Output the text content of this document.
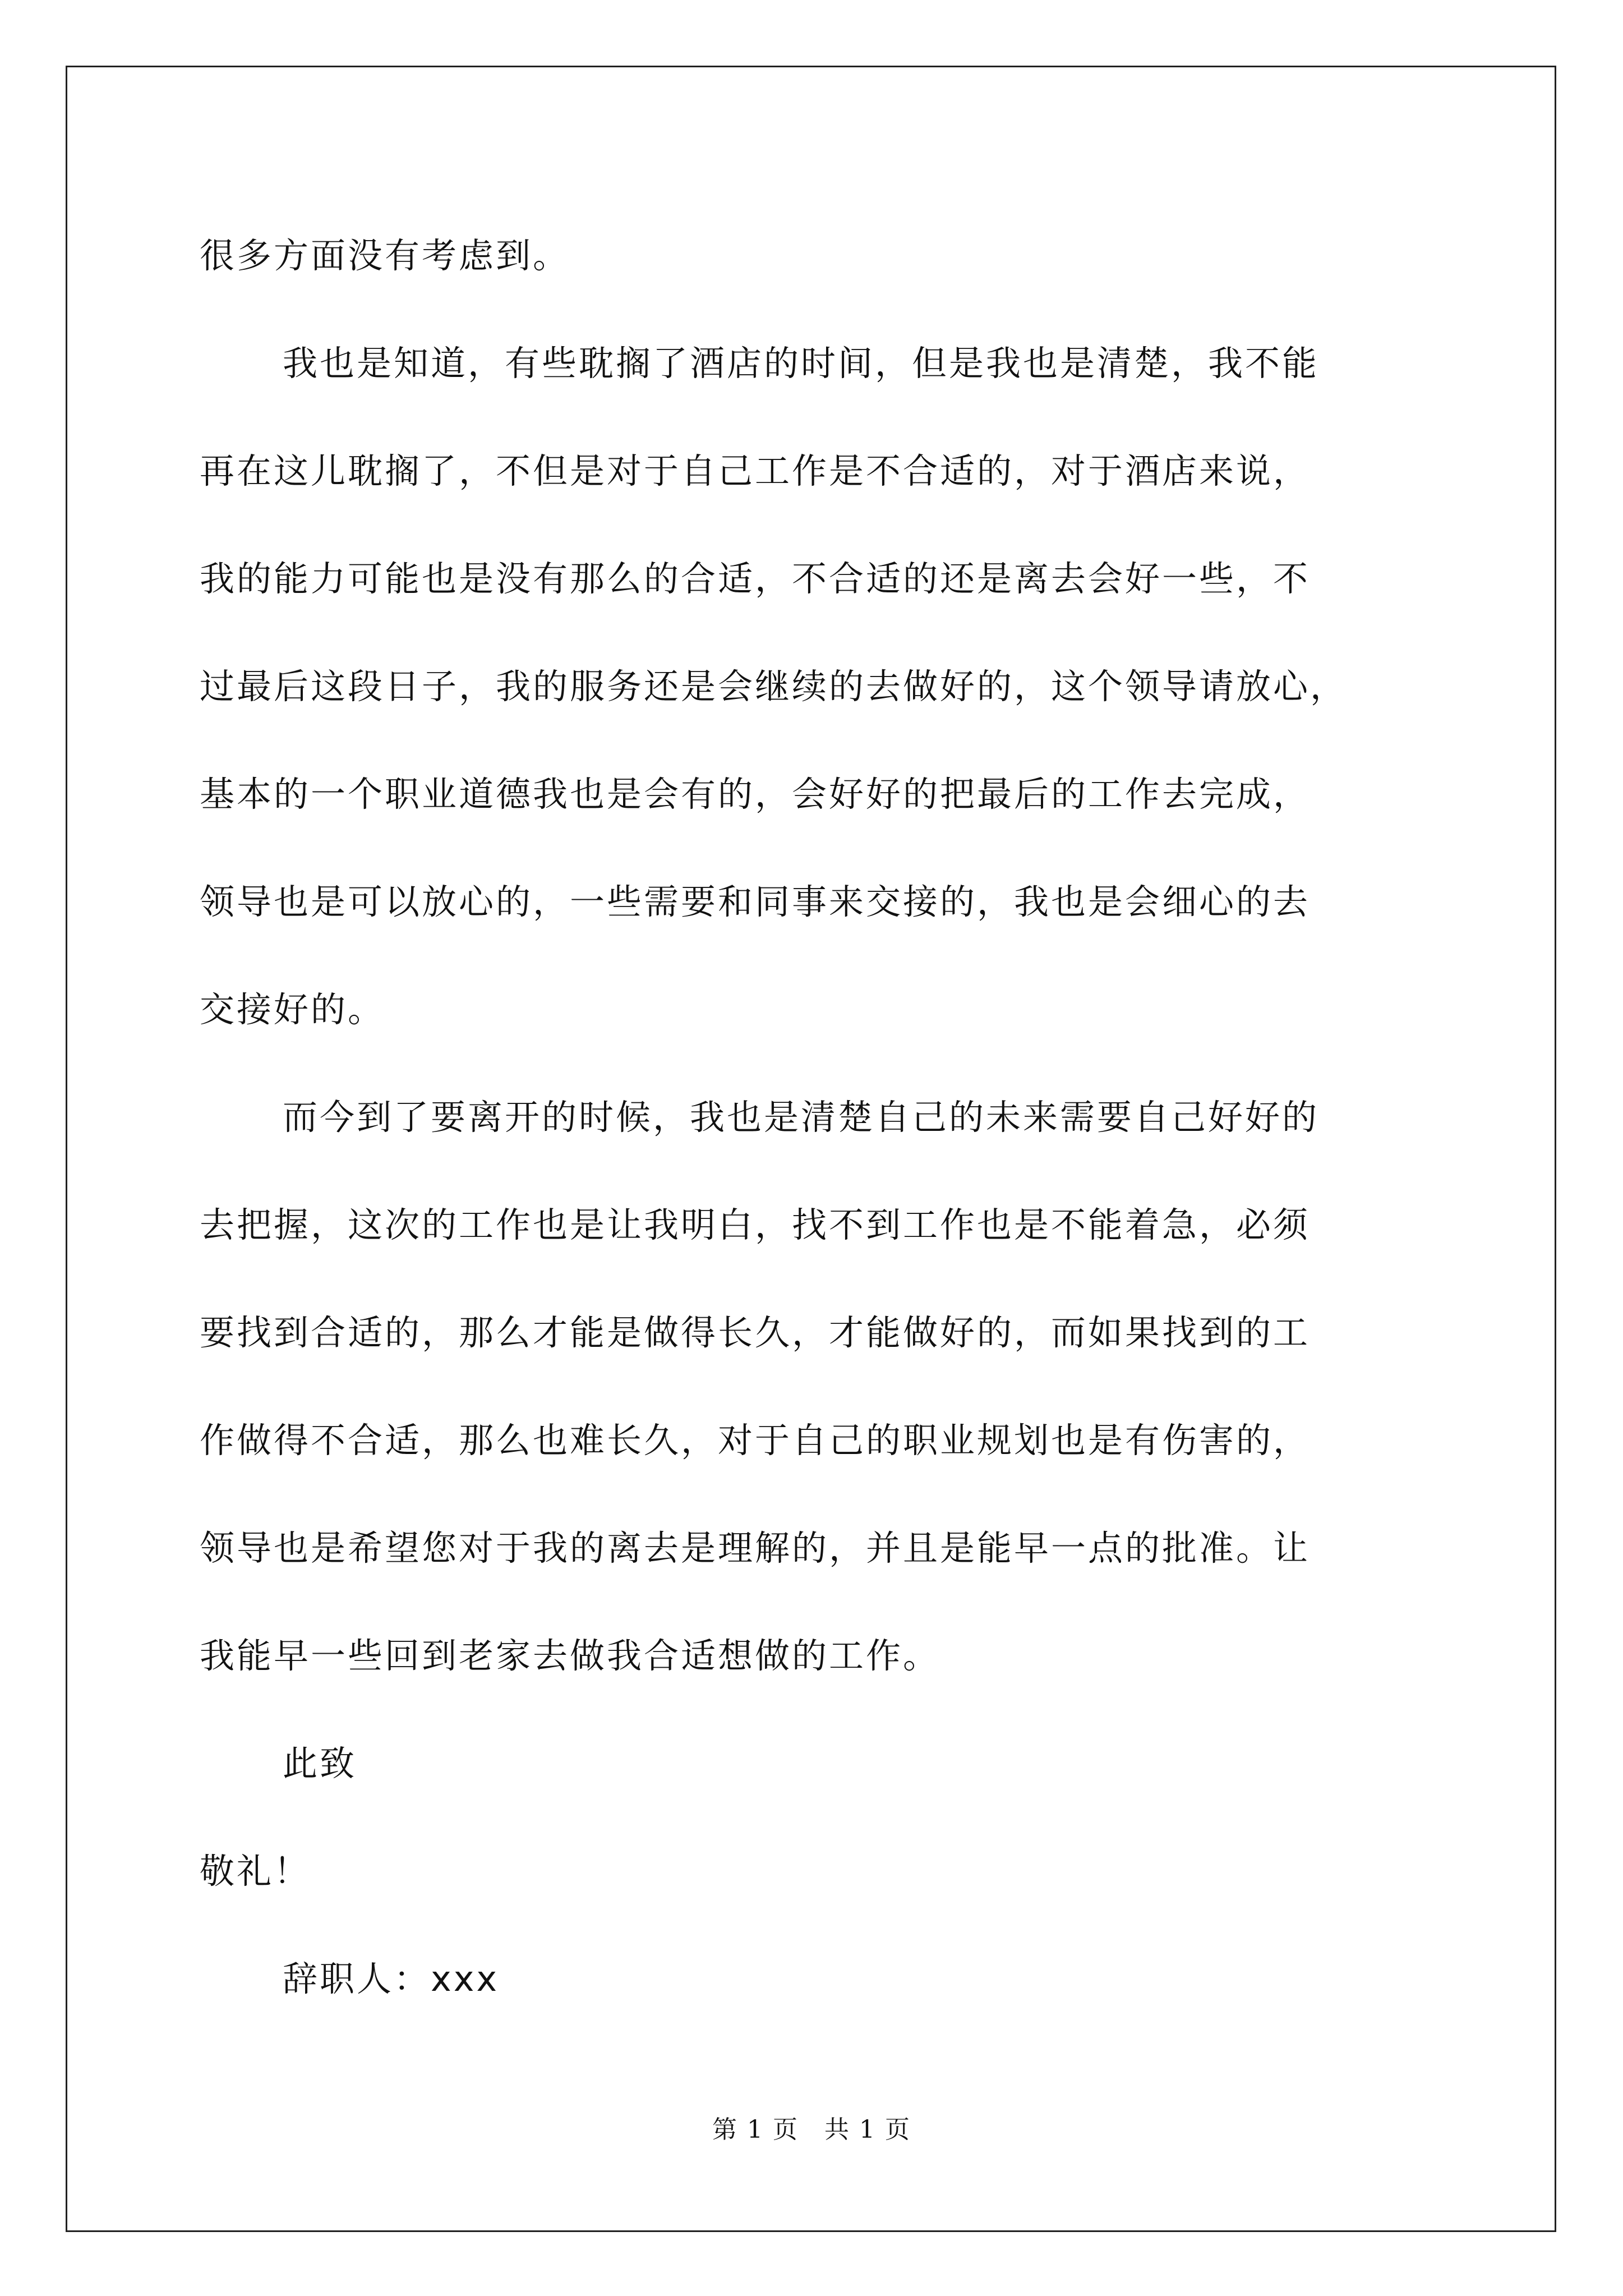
很多方面没有考虑到。
我也是知道，有些耽搁了酒店的时间，但是我也是清楚，我不能
再在这儿耽搁了，不但是对于自己工作是不合适的，对于酒店来说，
我的能力可能也是没有那么的合适，不合适的还是离去会好一些，不
过最后这段日子，我的服务还是会继续的去做好的，这个领导请放心，
基本的一个职业道德我也是会有的，会好好的把最后的工作去完成，
领导也是可以放心的，一些需要和同事来交接的，我也是会细心的去
交接好的。
而今到了要离开的时候，我也是清楚自己的未来需要自己好好的
去把握，这次的工作也是让我明白，找不到工作也是不能着急，必须
要找到合适的，那么才能是做得长久，才能做好的，而如果找到的工
作做得不合适，那么也难长久，对于自己的职业规划也是有伤害的，
领导也是希望您对于我的离去是理解的，并且是能早一点的批准。让
我能早一些回到老家去做我合适想做的工作。
此致
敬礼！
辞职人：xxx
第 1 页 共 1 页
